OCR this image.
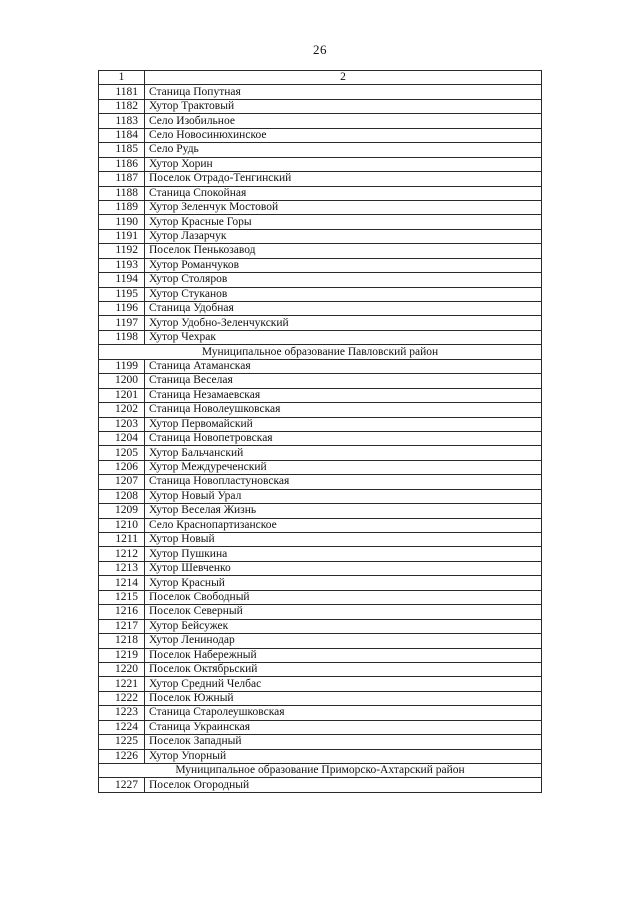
26
1	2
1181	Станица Попутная
1182	Хутор Трактовый
1183	Село Изобильное
1184	Село Новосинюхинское
1185	Село Рудь
1186	Хутор Хорин
1187	Поселок Отрадо-Тенгинский
1188	Станица Спокойная
1189	Хутор Зеленчук Мостовой
1190	Хутор Красные Горы
1191	Хутор Лазарчук
1192	Поселок Пенькозавод
1193	Хутор Романчуков
1194	Хутор Столяров
1195	Хутор Стуканов
1196	Станица Удобная
1197	Хутор Удобно-Зеленчукский
1198	Хутор Чехрак
Муниципальное образование Павловский район	
1199	Станица Атаманская
1200	Станица Веселая
1201	Станица Незамаевская
1202	Станица Новолеушковская
1203	Хутор Первомайский
1204	Станица Новопетровская
1205	Хутор Бальчанский
1206	Хутор Междуреченский
1207	Станица Новопластуновская
1208	Хутор Новый Урал
1209	Хутор Веселая Жизнь
1210	Село Краснопартизанское
1211	Хутор Новый
1212	Хутор Пушкина
1213	Хутор Шевченко
1214	Хутор Красный
1215	Поселок Свободный
1216	Поселок Северный
1217	Хутор Бейсужек
1218	Хутор Ленинодар
1219	Поселок Набережный
1220	Поселок Октябрьский
1221	Хутор Средний Челбас
1222	Поселок Южный
1223	Станица Старолеушковская
1224	Станица Украинская
1225	Поселок Западный
1226	Хутор Упорный
Муниципальное образование Приморско-Ахтарский район	
1227	Поселок Огородный
